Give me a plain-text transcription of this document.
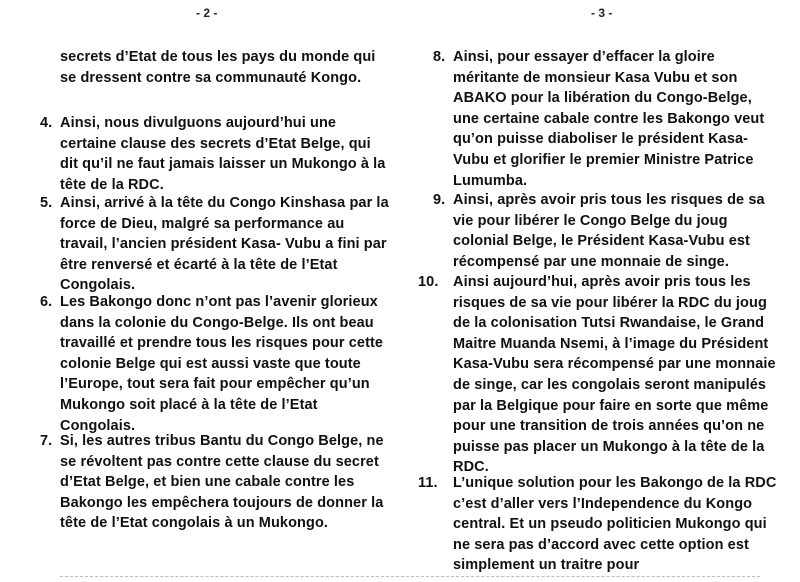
- 2 -	- 3 -
secrets d’Etat de tous les pays du monde qui se dressent contre sa communauté Kongo.
4. Ainsi, nous divulguons aujourd’hui une certaine clause des secrets d’Etat Belge, qui dit qu’il ne faut jamais laisser un Mukongo à la tête de la RDC.
5. Ainsi, arrivé à la tête du Congo Kinshasa par la force de Dieu, malgré sa performance au travail, l’ancien président Kasa- Vubu a fini par être renversé et écarté à la tête de l’Etat Congolais.
6. Les Bakongo donc n’ont pas l’avenir glorieux dans la colonie du Congo-Belge. Ils ont beau travaillé et prendre tous les risques pour cette colonie Belge qui est aussi vaste que toute l’Europe, tout sera fait pour empêcher qu’un Mukongo soit placé à la tête de l’Etat Congolais.
7. Si, les autres tribus Bantu du Congo Belge, ne se révoltent pas contre cette clause du secret d’Etat Belge, et bien une cabale contre les Bakongo les empêchera toujours de donner la tête de l’Etat congolais à un Mukongo.
8. Ainsi, pour essayer d’effacer la gloire méritante de monsieur Kasa Vubu et son ABAKO pour la libération du Congo-Belge, une certaine cabale contre les Bakongo veut qu’on puisse diaboliser le président Kasa-Vubu et glorifier le premier Ministre Patrice Lumumba.
9. Ainsi, après avoir pris tous les risques de sa vie pour libérer le Congo Belge du joug colonial Belge, le Président Kasa-Vubu est récompensé par une monnaie de singe.
10. Ainsi aujourd’hui, après avoir pris tous les risques de sa vie pour libérer la RDC du joug de la colonisation Tutsi Rwandaise, le Grand Maitre Muanda Nsemi, à l’image du Président Kasa-Vubu sera récompensé par une monnaie de singe, car les congolais seront manipulés par la Belgique pour faire en sorte que même pour une transition de trois années qu’on ne puisse pas placer un Mukongo à la tête de la RDC.
11. L’unique solution pour les Bakongo de la RDC c’est d’aller vers l’Independence du Kongo central. Et un pseudo politicien Mukongo qui ne sera pas d’accord avec cette option est simplement un traitre pour
